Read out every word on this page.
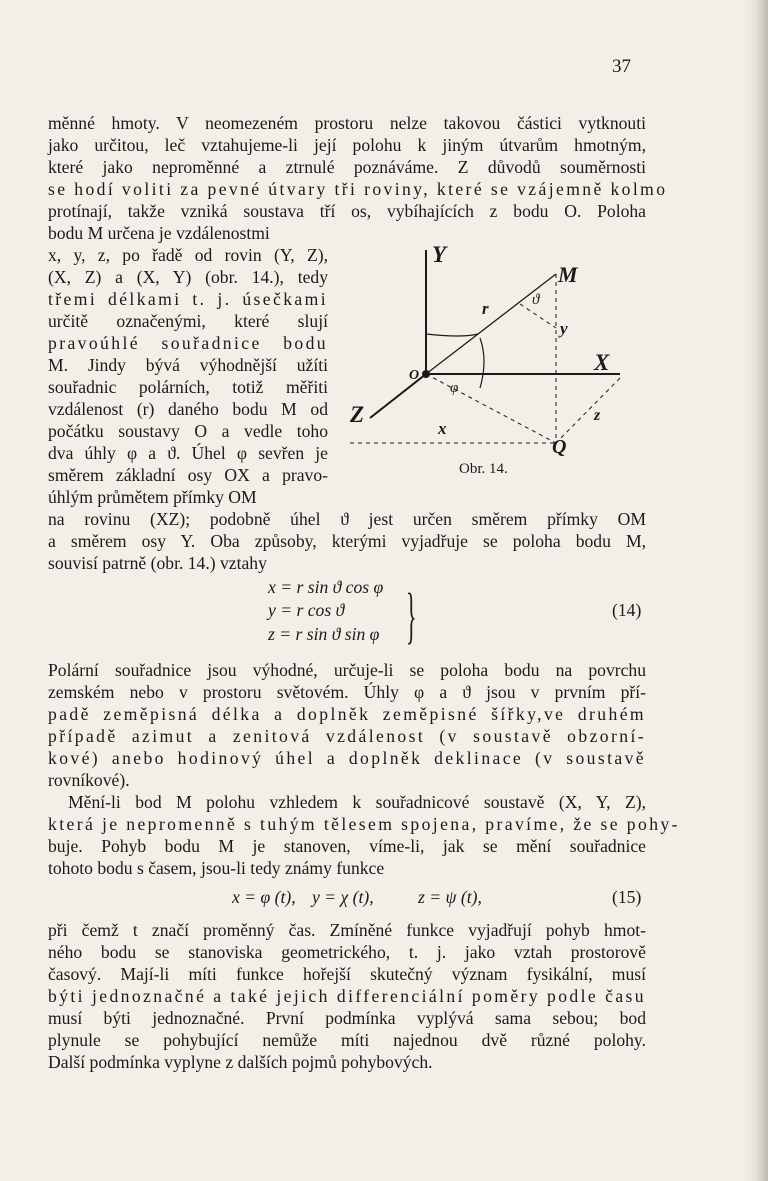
37
měnné hmoty. V neomezeném prostoru nelze takovou částici vytknouti
jako určitou, leč vztahujeme-li její polohu k jiným útvarům hmotným,
které jako neproměnné a ztrnulé poznáváme. Z důvodů souměrnosti
se hodí voliti za pevné útvary tři roviny, které se vzájemně kolmo
protínají, takže vzniká soustava tří os, vybíhajících z bodu O. Poloha
bodu M určena je vzdálenostmi
x, y, z, po řadě od rovin (Y, Z),
(X, Z) a (X, Y) (obr. 14.), tedy
třemi délkami t. j. úsečkami
určitě označenými, které slují
pravoúhlé souřadnice bodu
M. Jindy bývá výhodnější užíti
souřadnic polárních, totiž měřiti
vzdálenost (r) daného bodu M od
počátku soustavy O a vedle toho
dva úhly φ a ϑ. Úhel φ sevřen je
směrem základní osy OX a pravo-
úhlým průmětem přímky OM
na rovinu (XZ); podobně úhel ϑ jest určen směrem přímky OM
a směrem osy Y. Oba způsoby, kterými vyjadřuje se poloha bodu M,
souvisí patrně (obr. 14.) vztahy
Y
M
X
Z
Q
x
y
z
r	ϑ
φ
O
Obr. 14.
x = r sin ϑ cos φ
y = r cos ϑ
z = r sin ϑ sin φ }	(14)
Polární souřadnice jsou výhodné, určuje-li se poloha bodu na povrchu
zemském nebo v prostoru světovém. Úhly φ a ϑ jsou v prvním pří-
padě zeměpisná délka a doplněk zeměpisné šířky,ve druhém
případě azimut a zenitová vzdálenost (v soustavě obzorní-
kové) anebo hodinový úhel a doplněk deklinace (v soustavě
rovníkové).
Mění-li bod M polohu vzhledem k souřadnicové soustavě (X, Y, Z),
která je nepromenně s tuhým tělesem spojena, pravíme, že se pohy-
buje. Pohyb bodu M je stanoven, víme-li, jak se mění souřadnice
tohoto bodu s časem, jsou-li tedy známy funkce
x = φ (t), y = χ (t),	z = ψ (t),	(15)
při čemž t značí proměnný čas. Zmíněné funkce vyjadřují pohyb hmot-
ného bodu se stanoviska geometrického, t. j. jako vztah prostorově
časový. Mají-li míti funkce hořejší skutečný význam fysikální, musí
býti jednoznačné a také jejich differenciální poměry podle času
musí býti jednoznačné. První podmínka vyplývá sama sebou; bod
plynule se pohybující nemůže míti najednou dvě různé polohy.
Další podmínka vyplyne z dalších pojmů pohybových.
